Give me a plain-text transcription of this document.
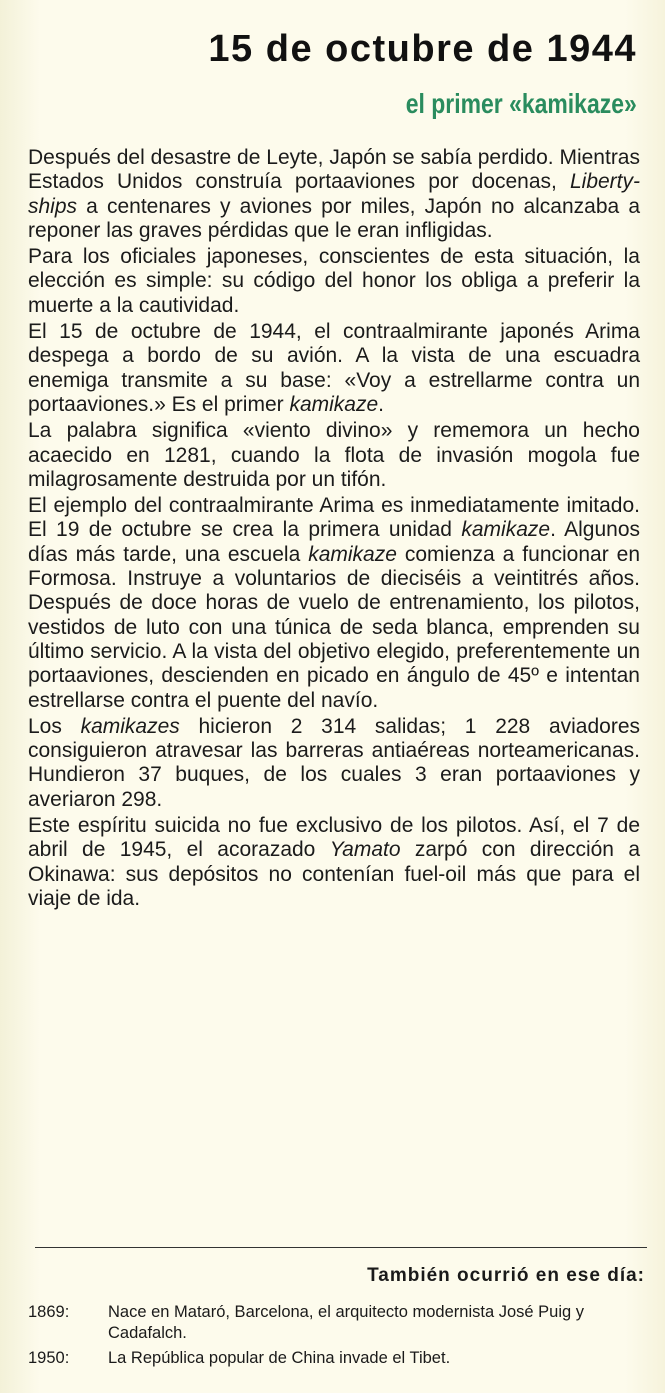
15 de octubre de 1944
el primer «kamikaze»

Después del desastre de Leyte, Japón se sabía perdido. Mientras Estados Unidos construía portaaviones por docenas, Liberty-ships a centenares y aviones por miles, Japón no alcanzaba a reponer las graves pérdidas que le eran infligidas.

Para los oficiales japoneses, conscientes de esta situación, la elección es simple: su código del honor los obliga a preferir la muerte a la cautividad.

El 15 de octubre de 1944, el contraalmirante japonés Arima despega a bordo de su avión. A la vista de una escuadra enemiga transmite a su base: «Voy a estrellarme contra un portaaviones.» Es el primer kamikaze.

La palabra significa «viento divino» y rememora un hecho acaecido en 1281, cuando la flota de invasión mogola fue milagrosamente destruida por un tifón.

El ejemplo del contraalmirante Arima es inmediatamente imitado. El 19 de octubre se crea la primera unidad kamikaze. Algunos días más tarde, una escuela kamikaze comienza a funcionar en Formosa. Instruye a voluntarios de dieciséis a veintitrés años. Después de doce horas de vuelo de entrenamiento, los pilotos, vestidos de luto con una túnica de seda blanca, emprenden su último servicio. A la vista del objetivo elegido, preferentemente un portaaviones, descienden en picado en ángulo de 45º e intentan estrellarse contra el puente del navío.

Los kamikazes hicieron 2 314 salidas; 1 228 aviadores consiguieron atravesar las barreras antiaéreas norteamericanas. Hundieron 37 buques, de los cuales 3 eran portaaviones y averiaron 298.

Este espíritu suicida no fue exclusivo de los pilotos. Así, el 7 de abril de 1945, el acorazado Yamato zarpó con dirección a Okinawa: sus depósitos no contenían fuel-oil más que para el viaje de ida.

También ocurrió en ese día:
1869:	Nace en Mataró, Barcelona, el arquitecto modernista José Puig y Cadafalch.
1950:	La República popular de China invade el Tibet.
